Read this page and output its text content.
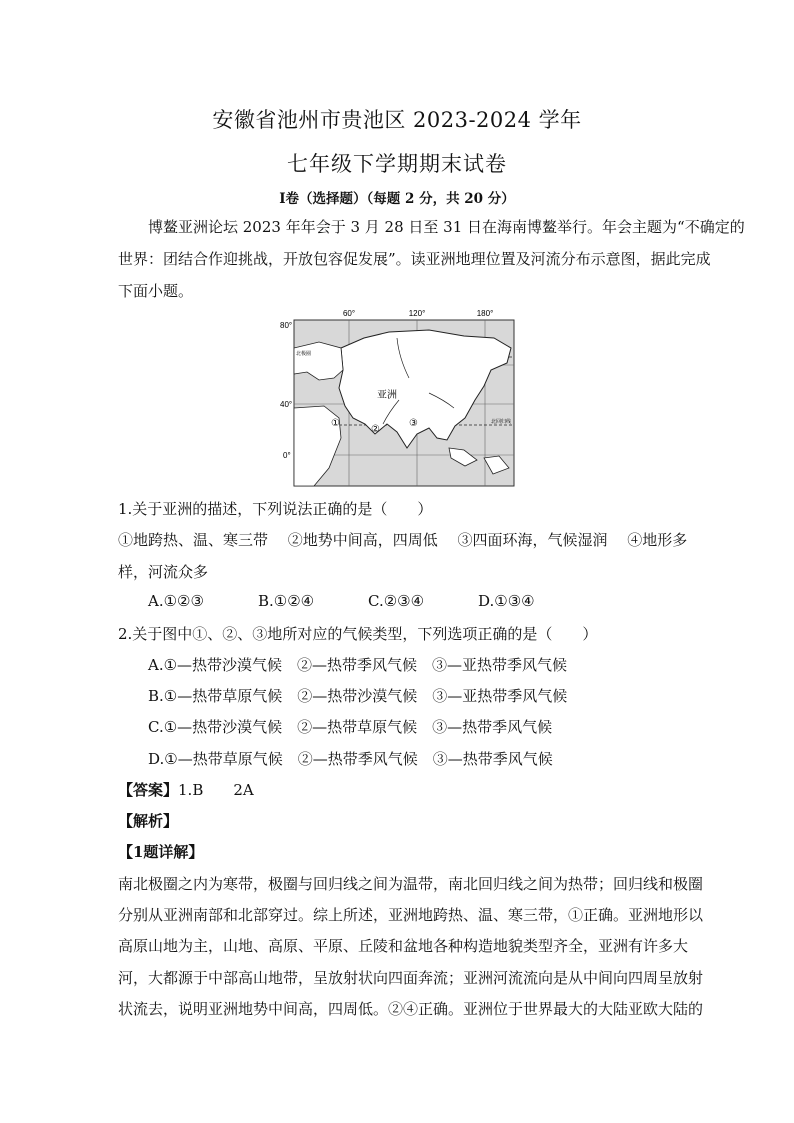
安徽省池州市贵池区 2023-2024 学年
七年级下学期期末试卷
I卷（选择题）（每题 2 分，共 20 分）
博鳌亚洲论坛 2023 年年会于 3 月 28 日至 31 日在海南博鳌举行。年会主题为“不确定的
世界：团结合作迎挑战，开放包容促发展”。读亚洲地理位置及河流分布示意图，据此完成
下面小题。
60°	120°	180°
80°
40°
0°
北极圈
北回归线
亚洲
①
②
③
1.关于亚洲的描述，下列说法正确的是（　　）
①地跨热、温、寒三带　 ②地势中间高，四周低　 ③四面环海，气候湿润　 ④地形多
样，河流众多
A.①②③	B.①②④	C.②③④	D.①③④
2.关于图中①、②、③地所对应的气候类型，下列选项正确的是（　　）
A.①—热带沙漠气候　②—热带季风气候　③—亚热带季风气候
B.①—热带草原气候　②—热带沙漠气候　③—亚热带季风气候
C.①—热带沙漠气候　②—热带草原气候　③—热带季风气候
D.①—热带草原气候　②—热带季风气候　③—热带季风气候
【答案】1.B　　2A
【解析】
【1题详解】
南北极圈之内为寒带，极圈与回归线之间为温带，南北回归线之间为热带；回归线和极圈
分别从亚洲南部和北部穿过。综上所述，亚洲地跨热、温、寒三带，①正确。亚洲地形以
高原山地为主，山地、高原、平原、丘陵和盆地各种构造地貌类型齐全，亚洲有许多大
河，大都源于中部高山地带，呈放射状向四面奔流；亚洲河流流向是从中间向四周呈放射
状流去，说明亚洲地势中间高，四周低。②④正确。亚洲位于世界最大的大陆亚欧大陆的
